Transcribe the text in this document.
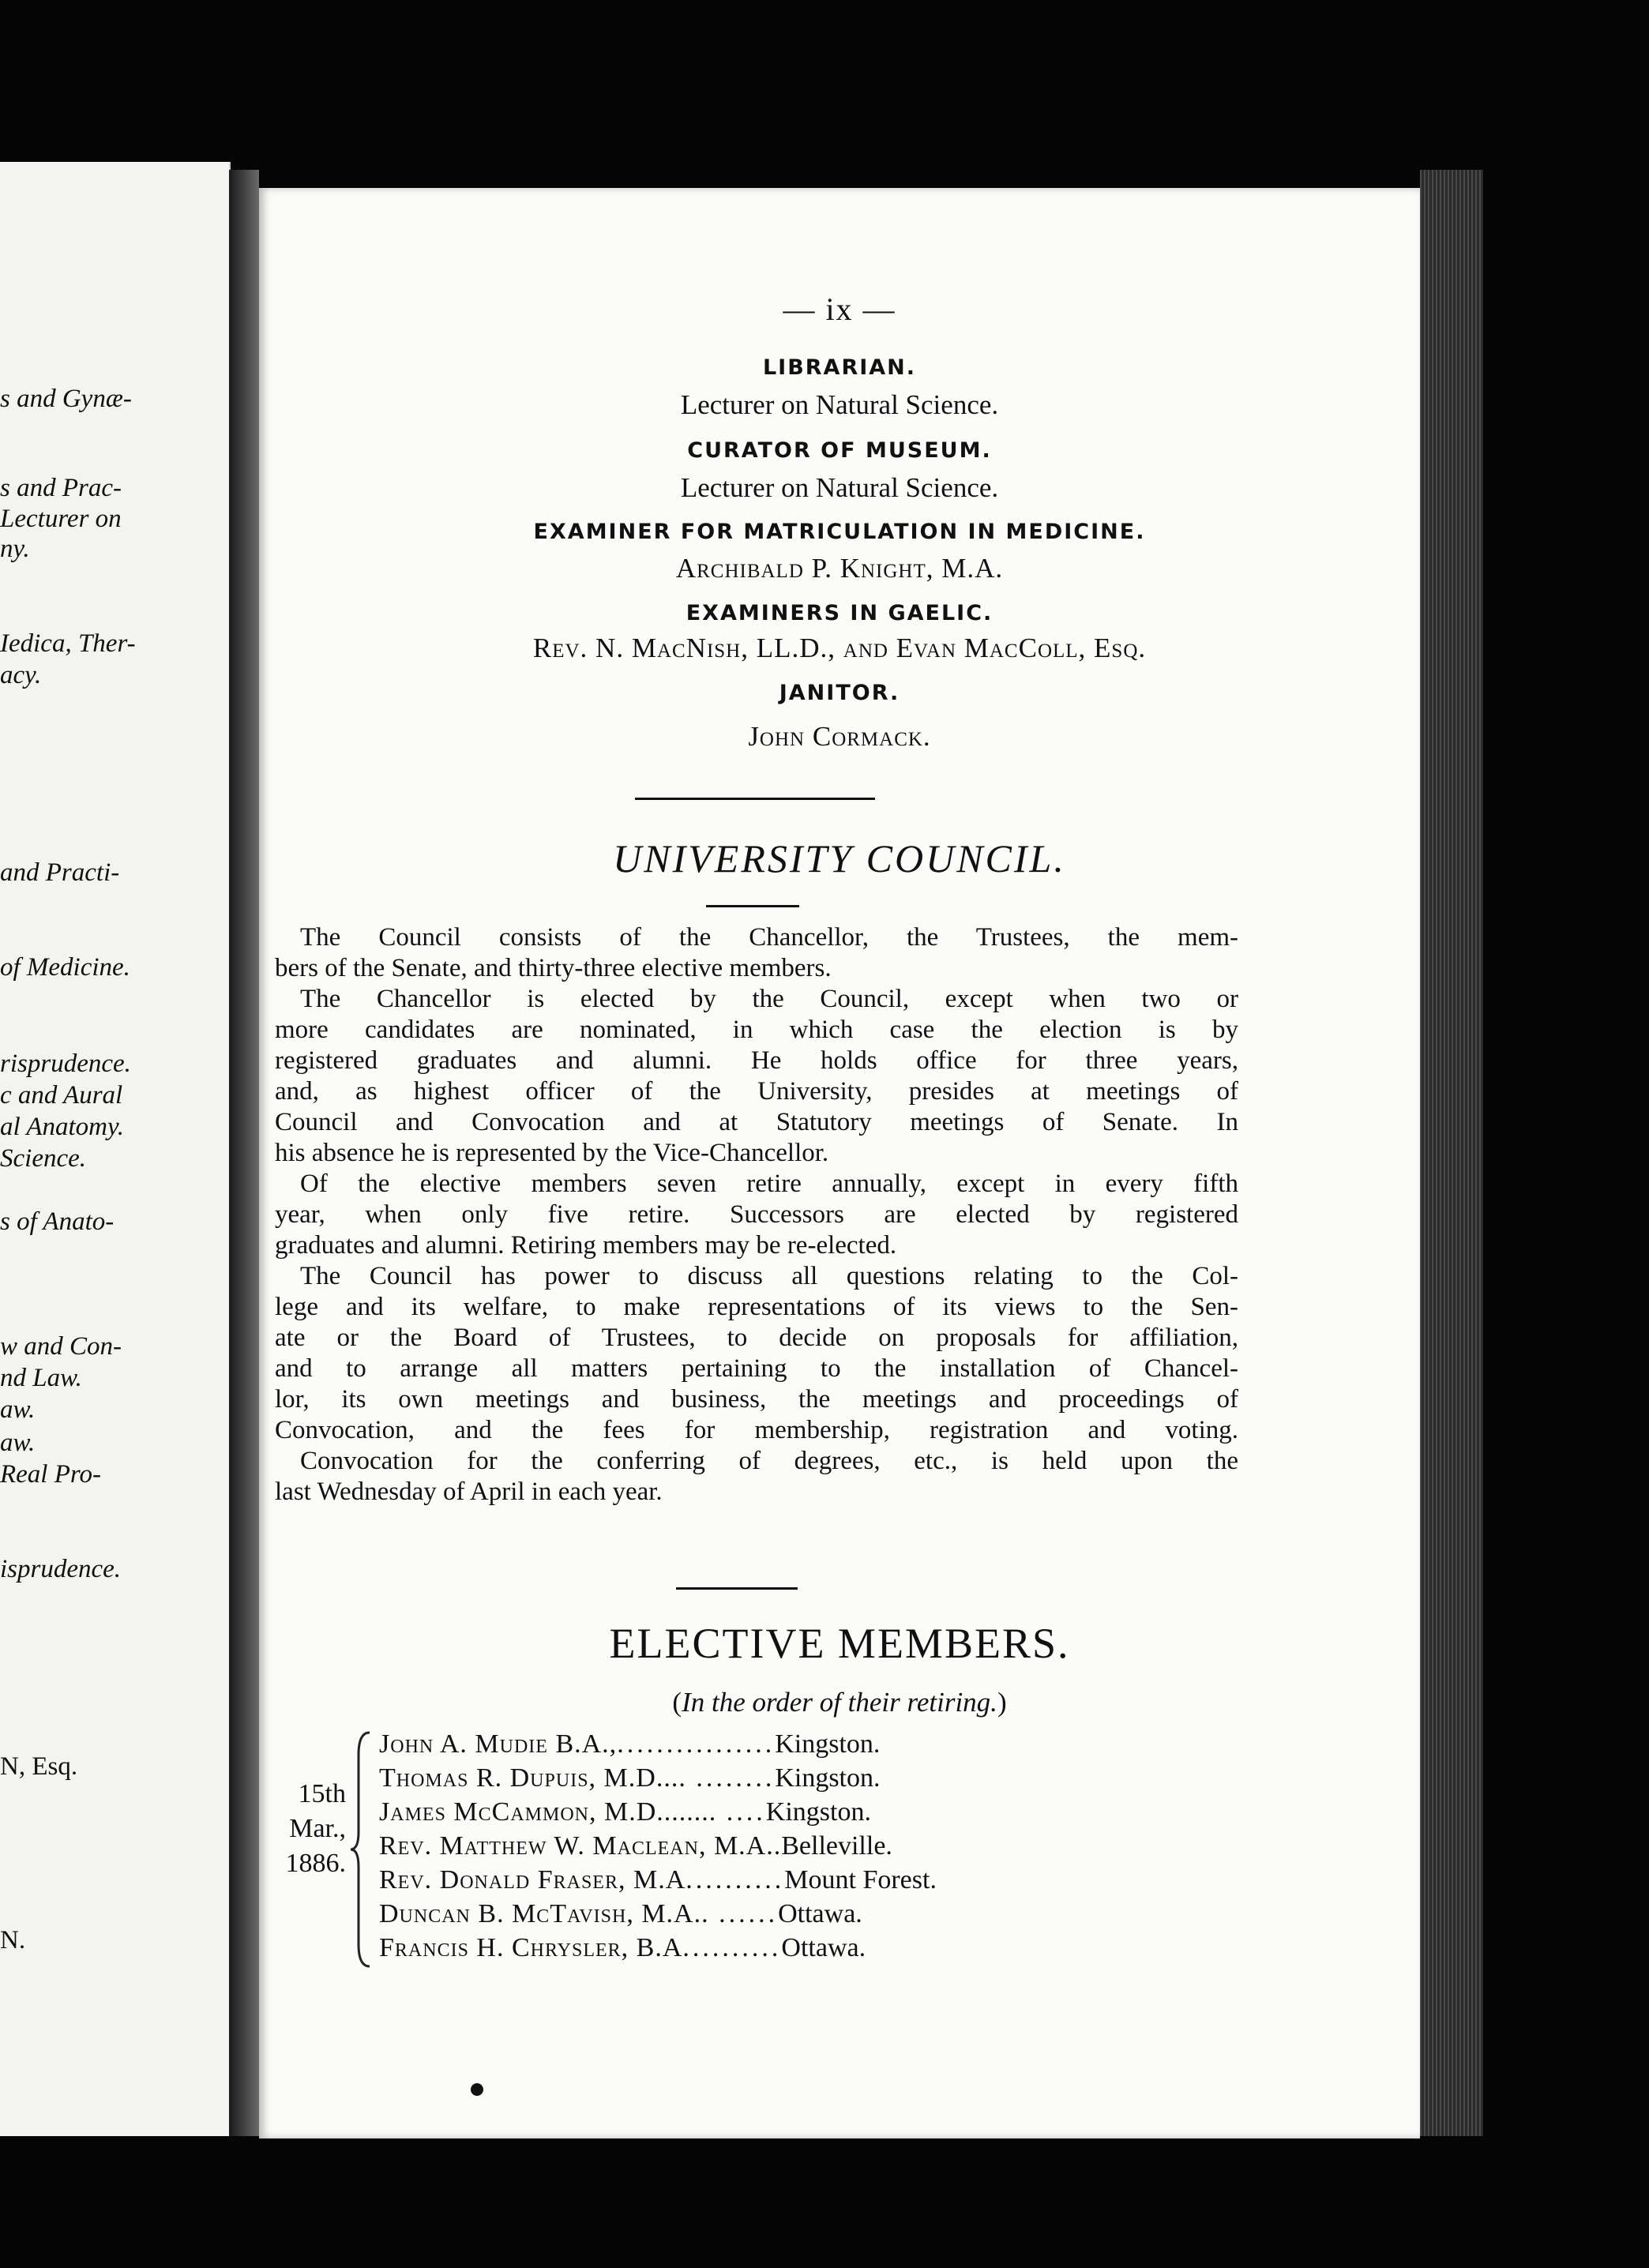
s and Gynæ-
s and Prac-
Lecturer on
ny.
Iedica, Ther-
acy.
and Practi-
of Medicine.
risprudence.
c and Aural
al Anatomy.
Science.
s of Anato-
w and Con-
nd Law.
aw.
aw.
Real Pro-
isprudence.
N, Esq.
N.
— ix —
LIBRARIAN.
Lecturer on Natural Science.
CURATOR OF MUSEUM.
Lecturer on Natural Science.
EXAMINER FOR MATRICULATION IN MEDICINE.
Archibald P. Knight, M.A.
EXAMINERS IN GAELIC.
Rev. N. MacNish, LL.D., and Evan MacColl, Esq.
JANITOR.
John Cormack.
UNIVERSITY COUNCIL.
The Council consists of the Chancellor, the Trustees, the mem-
bers of the Senate, and thirty-three elective members.
The Chancellor is elected by the Council, except when two or
more candidates are nominated, in which case the election is by
registered graduates and alumni. He holds office for three years,
and, as highest officer of the University, presides at meetings of
Council and Convocation and at Statutory meetings of Senate. In
his absence he is represented by the Vice-Chancellor.
Of the elective members seven retire annually, except in every fifth
year, when only five retire. Successors are elected by registered
graduates and alumni. Retiring members may be re-elected.
The Council has power to discuss all questions relating to the Col-
lege and its welfare, to make representations of its views to the Sen-
ate or the Board of Trustees, to decide on proposals for affiliation,
and to arrange all matters pertaining to the installation of Chancel-
lor, its own meetings and business, the meetings and proceedings of
Convocation, and the fees for membership, registration and voting.
Convocation for the conferring of degrees, etc., is held upon the
last Wednesday of April in each year.
ELECTIVE MEMBERS.
(In the order of their retiring.)
15th
Mar.,
1886.
John A. Mudie B.A.,................Kingston.
Thomas R. Dupuis, M.D.... ........Kingston.
James McCammon, M.D........ ....Kingston.
Rev. Matthew W. Maclean, M.A..Belleville.
Rev. Donald Fraser, M.A..........Mount Forest.
Duncan B. McTavish, M.A.. ......Ottawa.
Francis H. Chrysler, B.A..........Ottawa.
